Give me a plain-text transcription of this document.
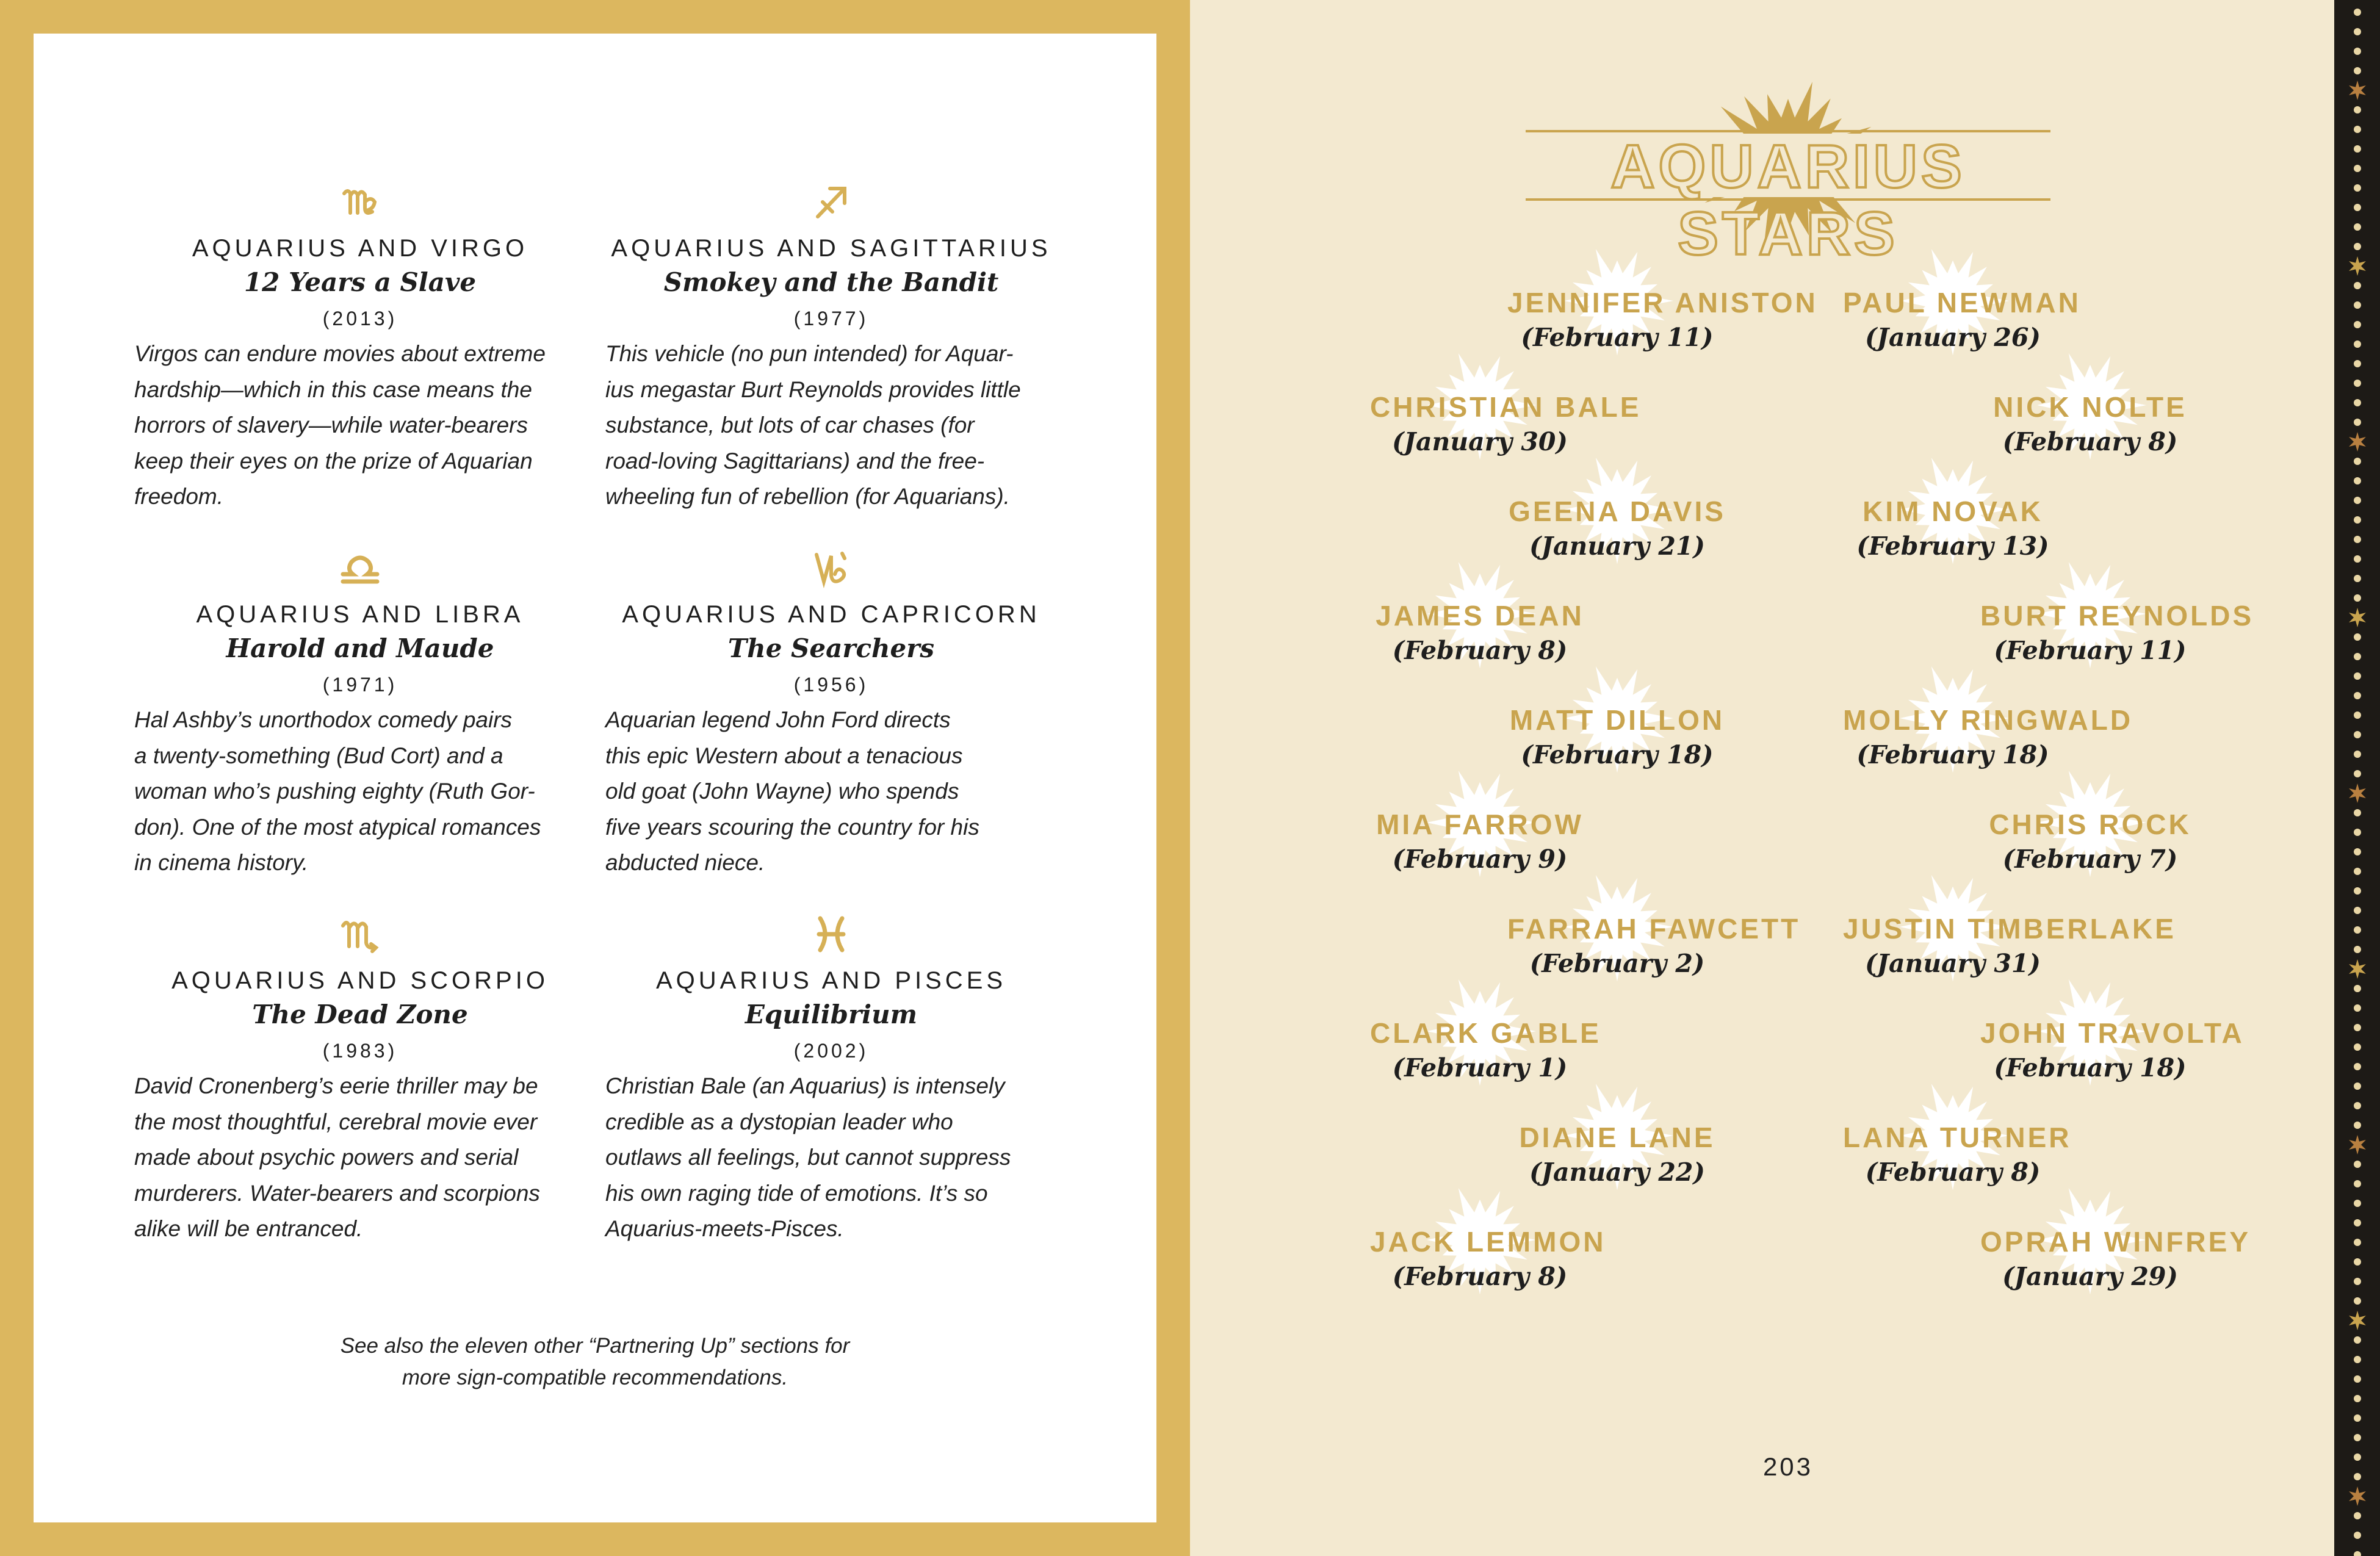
AQUARIUS AND VIRGO
12 Years a Slave
(2013)
Virgos can endure movies about extreme
hardship—which in this case means the
horrors of slavery—while water-bearers
keep their eyes on the prize of Aquarian
freedom.
AQUARIUS AND SAGITTARIUS
Smokey and the Bandit
(1977)
This vehicle (no pun intended) for Aquar-
ius megastar Burt Reynolds provides little
substance, but lots of car chases (for
road-loving Sagittarians) and the free-
wheeling fun of rebellion (for Aquarians).
AQUARIUS AND LIBRA
Harold and Maude
(1971)
Hal Ashby’s unorthodox comedy pairs
a twenty-something (Bud Cort) and a
woman who’s pushing eighty (Ruth Gor-
don). One of the most atypical romances
in cinema history.
AQUARIUS AND CAPRICORN
The Searchers
(1956)
Aquarian legend John Ford directs
this epic Western about a tenacious
old goat (John Wayne) who spends
five years scouring the country for his
abducted niece.
AQUARIUS AND SCORPIO
The Dead Zone
(1983)
David Cronenberg’s eerie thriller may be
the most thoughtful, cerebral movie ever
made about psychic powers and serial
murderers. Water-bearers and scorpions
alike will be entranced.
AQUARIUS AND PISCES
Equilibrium
(2002)
Christian Bale (an Aquarius) is intensely
credible as a dystopian leader who
outlaws all feelings, but cannot suppress
his own raging tide of emotions. It’s so
Aquarius-meets-Pisces.
See also the eleven other “Partnering Up” sections for
more sign-compatible recommendations.
AQUARIUS STARS
JENNIFER ANISTON
(February 11)
PAUL NEWMAN
(January 26)
CHRISTIAN BALE
(January 30)
NICK NOLTE
(February 8)
GEENA DAVIS
(January 21)
KIM NOVAK
(February 13)
JAMES DEAN
(February 8)
BURT REYNOLDS
(February 11)
MATT DILLON
(February 18)
MOLLY RINGWALD
(February 18)
MIA FARROW
(February 9)
CHRIS ROCK
(February 7)
FARRAH FAWCETT
(February 2)
JUSTIN TIMBERLAKE
(January 31)
CLARK GABLE
(February 1)
JOHN TRAVOLTA
(February 18)
DIANE LANE
(January 22)
LANA TURNER
(February 8)
JACK LEMMON
(February 8)
OPRAH WINFREY
(January 29)
203
